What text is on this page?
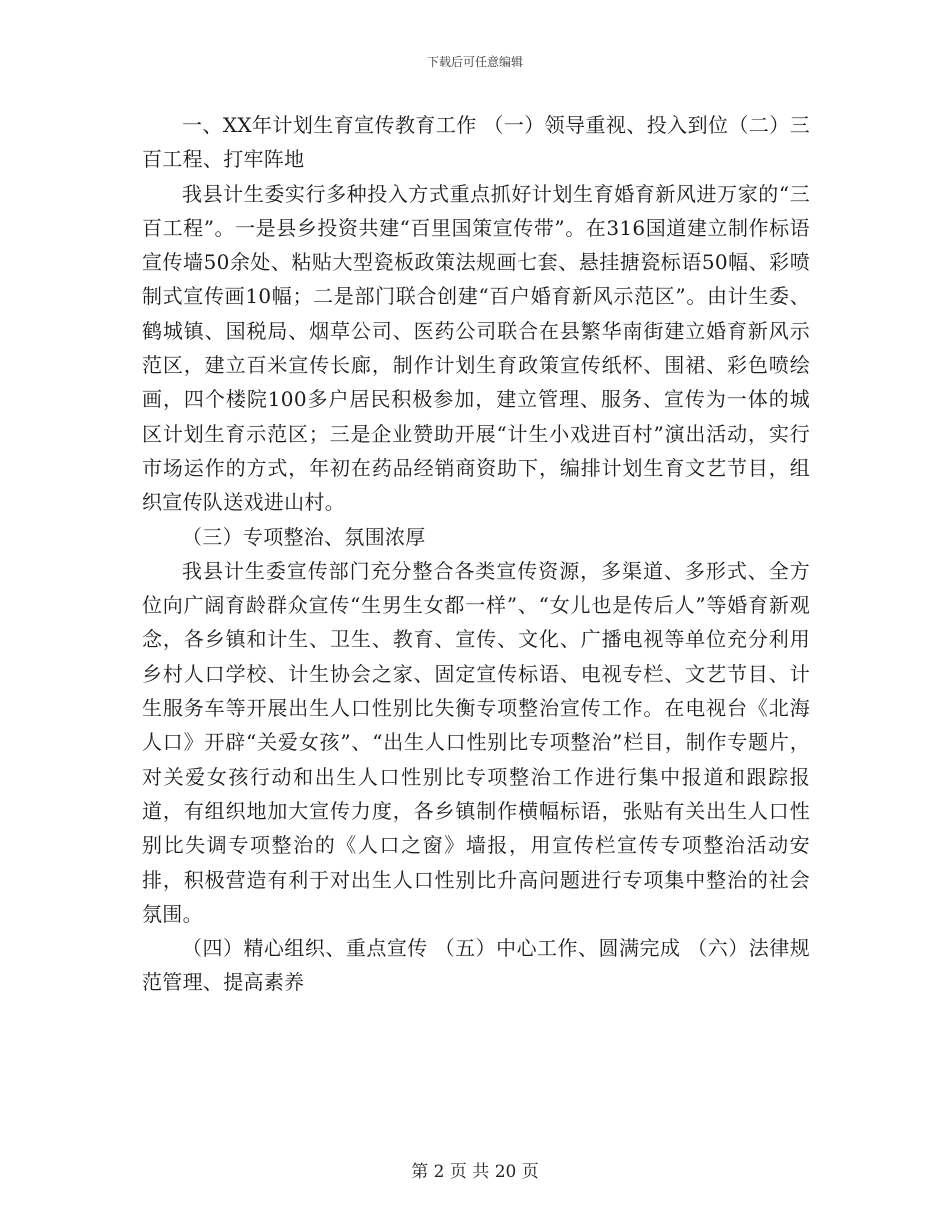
下载后可任意编辑

一、XX年计划生育宣传教育工作 （一）领导重视、投入到位（二）三百工程、打牢阵地

我县计生委实行多种投入方式重点抓好计划生育婚育新风进万家的“三百工程”。一是县乡投资共建“百里国策宣传带”。在316国道建立制作标语宣传墙50余处、粘贴大型瓷板政策法规画七套、悬挂搪瓷标语50幅、彩喷制式宣传画10幅；二是部门联合创建“百户婚育新风示范区”。由计生委、鹤城镇、国税局、烟草公司、医药公司联合在县繁华南街建立婚育新风示范区，建立百米宣传长廊，制作计划生育政策宣传纸杯、围裙、彩色喷绘画，四个楼院100多户居民积极参加，建立管理、服务、宣传为一体的城区计划生育示范区；三是企业赞助开展“计生小戏进百村”演出活动，实行市场运作的方式，年初在药品经销商资助下，编排计划生育文艺节目，组织宣传队送戏进山村。

（三）专项整治、氛围浓厚

我县计生委宣传部门充分整合各类宣传资源，多渠道、多形式、全方位向广阔育龄群众宣传“生男生女都一样”、“女儿也是传后人”等婚育新观念，各乡镇和计生、卫生、教育、宣传、文化、广播电视等单位充分利用乡村人口学校、计生协会之家、固定宣传标语、电视专栏、文艺节目、计生服务车等开展出生人口性别比失衡专项整治宣传工作。在电视台《北海人口》开辟“关爱女孩”、“出生人口性别比专项整治”栏目，制作专题片，对关爱女孩行动和出生人口性别比专项整治工作进行集中报道和跟踪报道，有组织地加大宣传力度，各乡镇制作横幅标语，张贴有关出生人口性别比失调专项整治的《人口之窗》墙报，用宣传栏宣传专项整治活动安排，积极营造有利于对出生人口性别比升高问题进行专项集中整治的社会氛围。

（四）精心组织、重点宣传 （五）中心工作、圆满完成 （六）法律规范管理、提高素养

第 2 页 共 20 页
